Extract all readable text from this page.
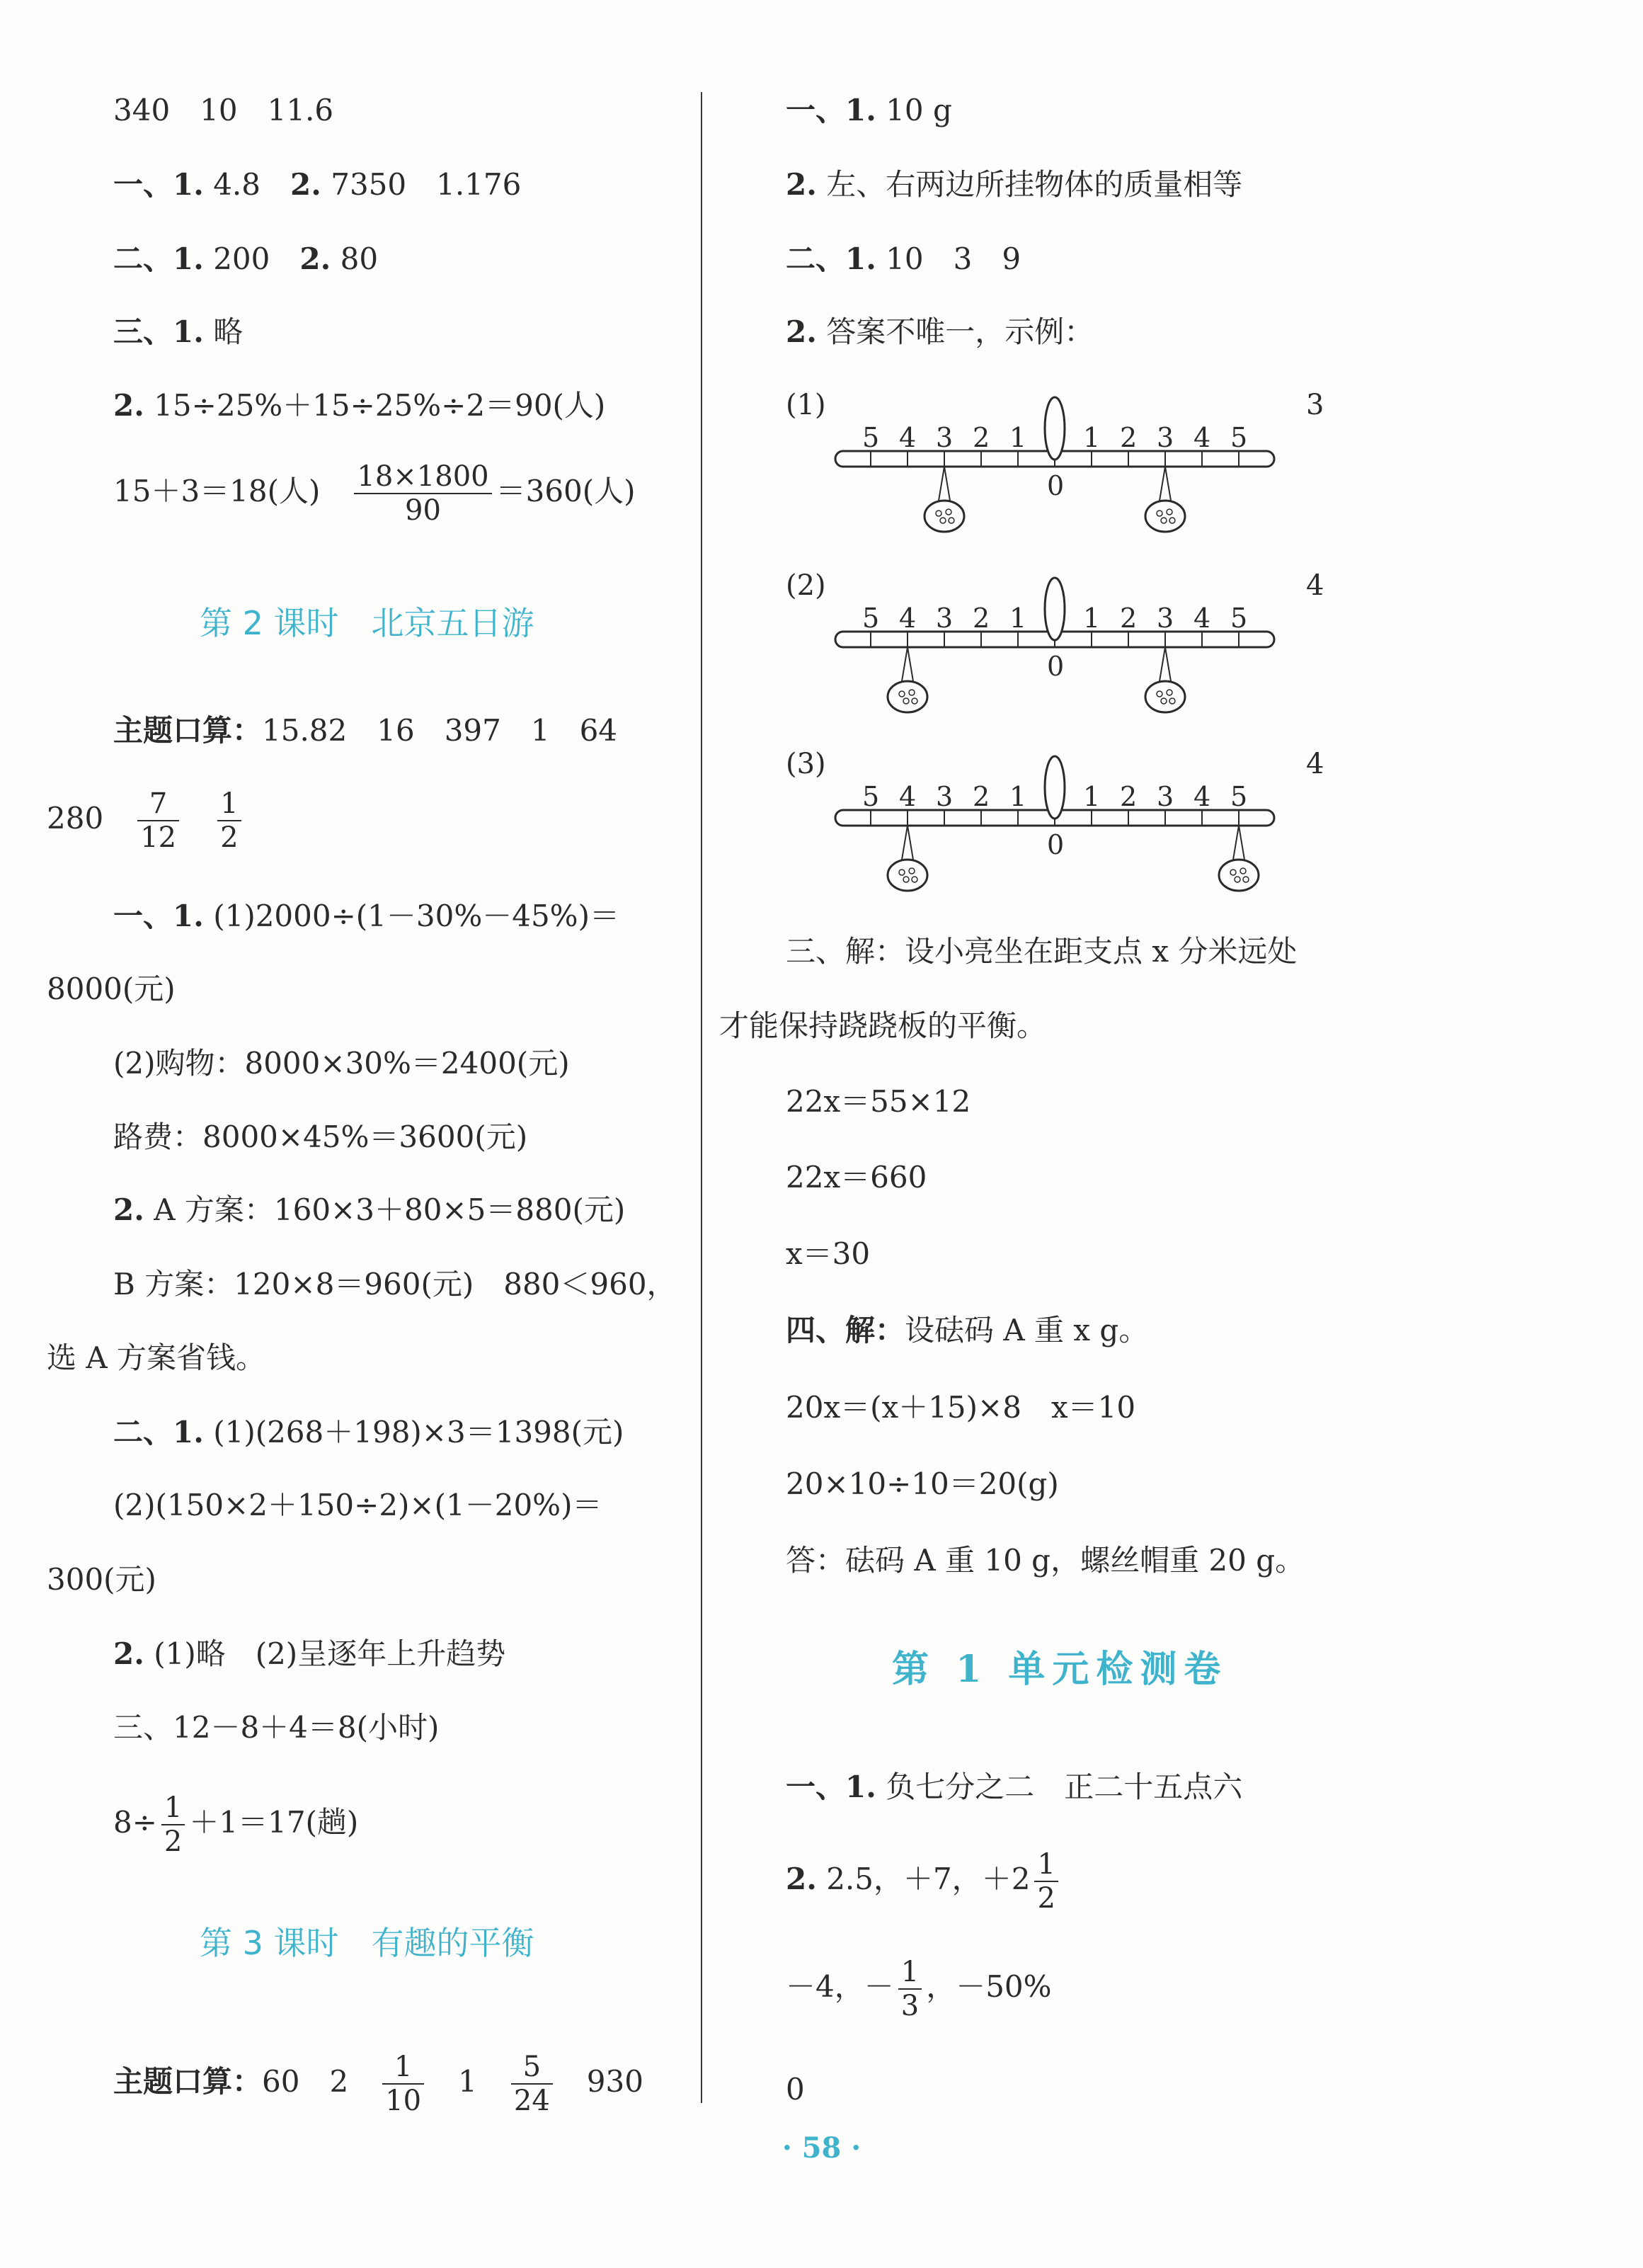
340　10　11.6
一、1. 4.8　2. 7350　1.176
二、1. 200　2. 80
三、1. 略
2. 15÷25%＋15÷25%÷2＝90(人)
15＋3＝18(人)　 $\frac{18\times 1800}{90} =360$(人)
第 2 课时　北京五日游
主题口算：15.82　16　397　1　64
280　 $\frac{7}{12}$
　 $\frac{1}{2}$
一、1. (1)2000÷(1－30%－45%)＝
8000(元)
(2)购物：8000×30%＝2400(元)
路费：8000×45%＝3600(元)
2. A 方案：160×3＋80×5＝880(元)
B 方案：120×8＝960(元)　880＜960，
选 A 方案省钱。
二、1. (1)(268＋198)×3＝1398(元)
(2)(150×2＋150÷2)×(1－20%)＝
300(元)
2. (1)略　(2)呈逐年上升趋势
三、12－8＋4＝8(小时)
$8\div \frac{1}{2} +1=17$(趟)
第 3 课时　有趣的平衡
主题口算：60　2　 $\frac{1}{10}$
　 1　 $\frac{5}{24}$
　 930
一、1. 10 g
2. 左、右两边所挂物体的质量相等
二、1. 10　3　9
2. 答案不唯一，示例：
(1)	3
5 4 3 2 1 1 2 3 4 5
0
(2)	4
5 4 3 2 1 1 2 3 4 5
0
(3)	4
5 4 3 2 1 1 2 3 4 5
0
三、解：设小亮坐在距支点 x 分米远处
才能保持跷跷板的平衡。
22x＝55×12
22x＝660
x＝30
四、解：设砝码 A 重 x g。
20x＝(x＋15)×8　x＝10
20×10÷10＝20(g)
答：砝码 A 重 10 g，螺丝帽重 20 g。
第 1 单元检测卷
一、1. 负七分之二　正二十五点六
2. 2.5，＋7，$+2 \frac{1}{2}$
－4，－ $\frac{1}{3}$ ，－50%
0
· 58 ·
